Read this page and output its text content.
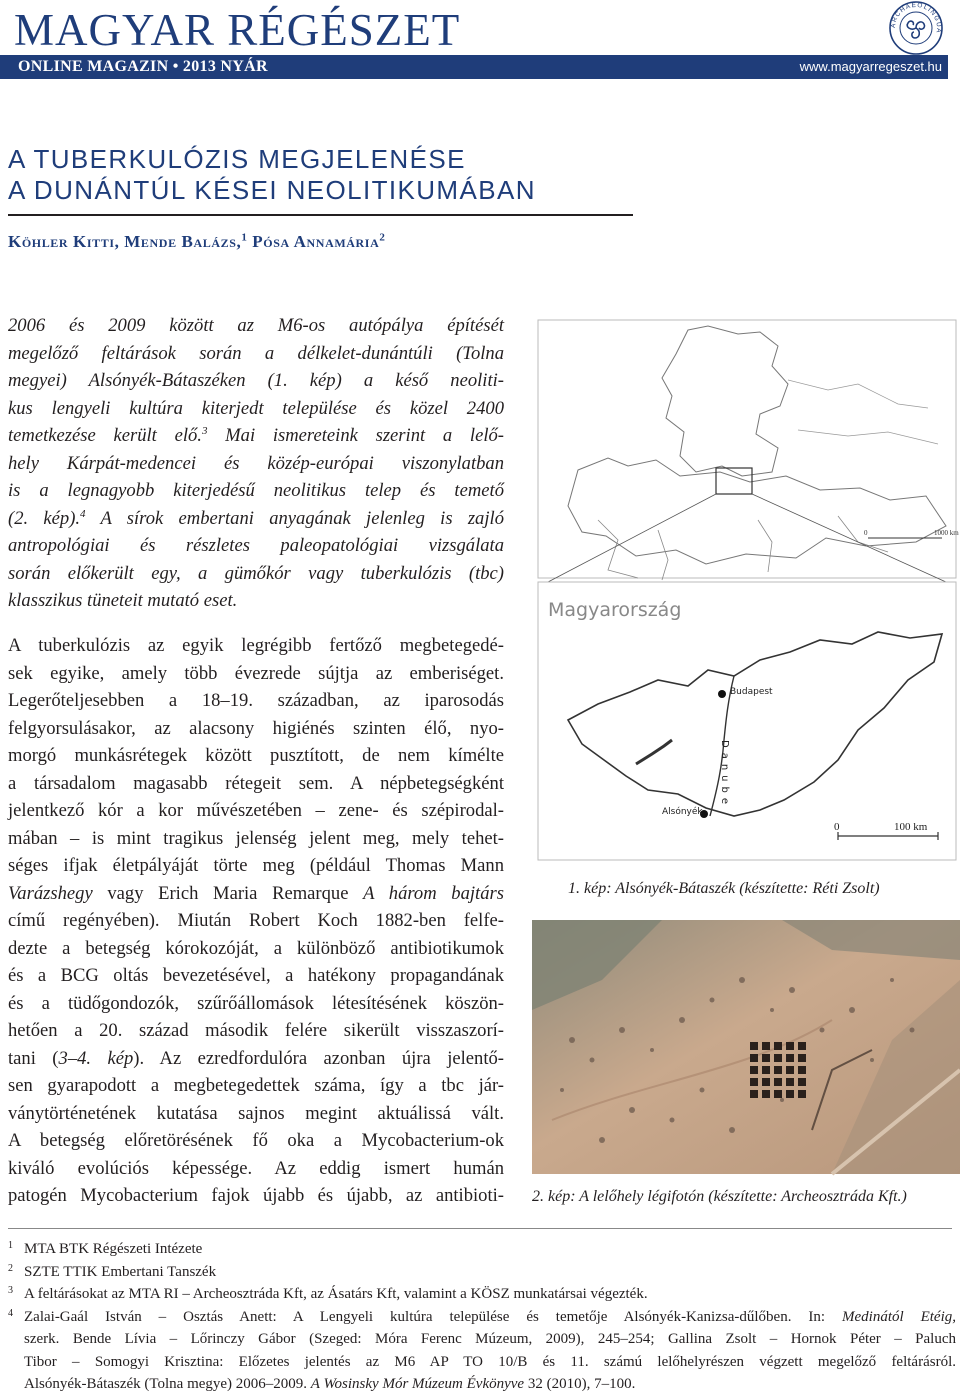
MAGYAR RÉGÉSZET
ONLINE MAGAZIN • 2013 NYÁR	www.magyarregeszet.hu
ARCHAEOLINGUA
A TUBERKULÓZIS MEGJELENÉSE
A DUNÁNTÚL KÉSEI NEOLITIKUMÁBAN
Köhler Kitti, Mende Balázs,$^1$ Pósa Annamária$^2$

2006 és 2009 között az M6-os autópálya építését
megelőző feltárások során a délkelet-dunántúli (Tolna
megyei) Alsónyék-Bátaszéken (1. kép) a késő neoliti-
kus lengyeli kultúra kiterjedt települése és közel 2400
temetkezése került elő.$^3$ Mai ismereteink szerint a lelő-
hely Kárpát-medencei és közép-európai viszonylatban
is a legnagyobb kiterjedésű neolitikus telep és temető
(2. kép).$^4$ A sírok embertani anyagának jelenleg is zajló
antropológiai és részletes paleopatológiai vizsgálata
során előkerült egy, a gümőkór vagy tuberkulózis (tbc)
klasszikus tüneteit mutató eset.

A tuberkulózis az egyik legrégibb fertőző megbetegedé-
sek egyike, amely több évezrede sújtja az emberiséget.
Legerőteljesebben a 18–19. században, az iparosodás
felgyorsulásakor, az alacsony higiénés szinten élő, nyo-
morgó munkásrétegek között pusztított, de nem kímélte
a társadalom magasabb rétegeit sem. A népbetegségként
jelentkező kór a kor művészetében – zene- és szépirodal-
mában – is mint tragikus jelenség jelent meg, mely tehet-
séges ifjak életpályáját törte meg (például Thomas Mann
Varázshegy vagy Erich Maria Remarque A három bajtárs
című regényében). Miután Robert Koch 1882-ben felfe-
dezte a betegség kórokozóját, a különböző antibiotikumok
és a BCG oltás bevezetésével, a hatékony propagandának
és a tüdőgondozók, szűrőállomások létesítésének köszön-
hetően a 20. század második felére sikerült visszaszorí-
tani (3–4. kép). Az ezredfordulóra azonban újra jelentő-
sen gyarapodott a megbetegedettek száma, így a tbc jár-
ványtörténetének kutatása sajnos megint aktuálissá vált.
A betegség előretörésének fő oka a Mycobacterium-ok
kiváló evolúciós képessége. Az eddig ismert humán
patogén Mycobacterium fajok újabb és újabb, az antibioti-

0	1000 km
Magyarország
Budapest
Danube
Alsónyék
0	100 km
1. kép: Alsónyék-Bátaszék (készítette: Réti Zsolt)
2. kép: A lelőhely légifotón (készítette: Archeosztráda Kft.)
1 MTA BTK Régészeti Intézete
2 SZTE TTIK Embertani Tanszék
3 A feltárásokat az MTA RI – Archeosztráda Kft, az Ásatárs Kft, valamint a KÖSZ munkatársai végezték.
4 Zalai-Gaál István – Osztás Anett: A Lengyeli kultúra települése és temetője Alsónyék-Kanizsa-dűlőben. In: Medinától Etéig,
szerk. Bende Lívia – Lőrinczy Gábor (Szeged: Móra Ferenc Múzeum, 2009), 245–254; Gallina Zsolt – Hornok Péter – Paluch
Tibor – Somogyi Krisztina: Előzetes jelentés az M6 AP TO 10/B és 11. számú lelőhelyrészen végzett megelőző feltárásról.
Alsónyék-Bátaszék (Tolna megye) 2006–2009. A Wosinsky Mór Múzeum Évkönyve 32 (2010), 7–100.
